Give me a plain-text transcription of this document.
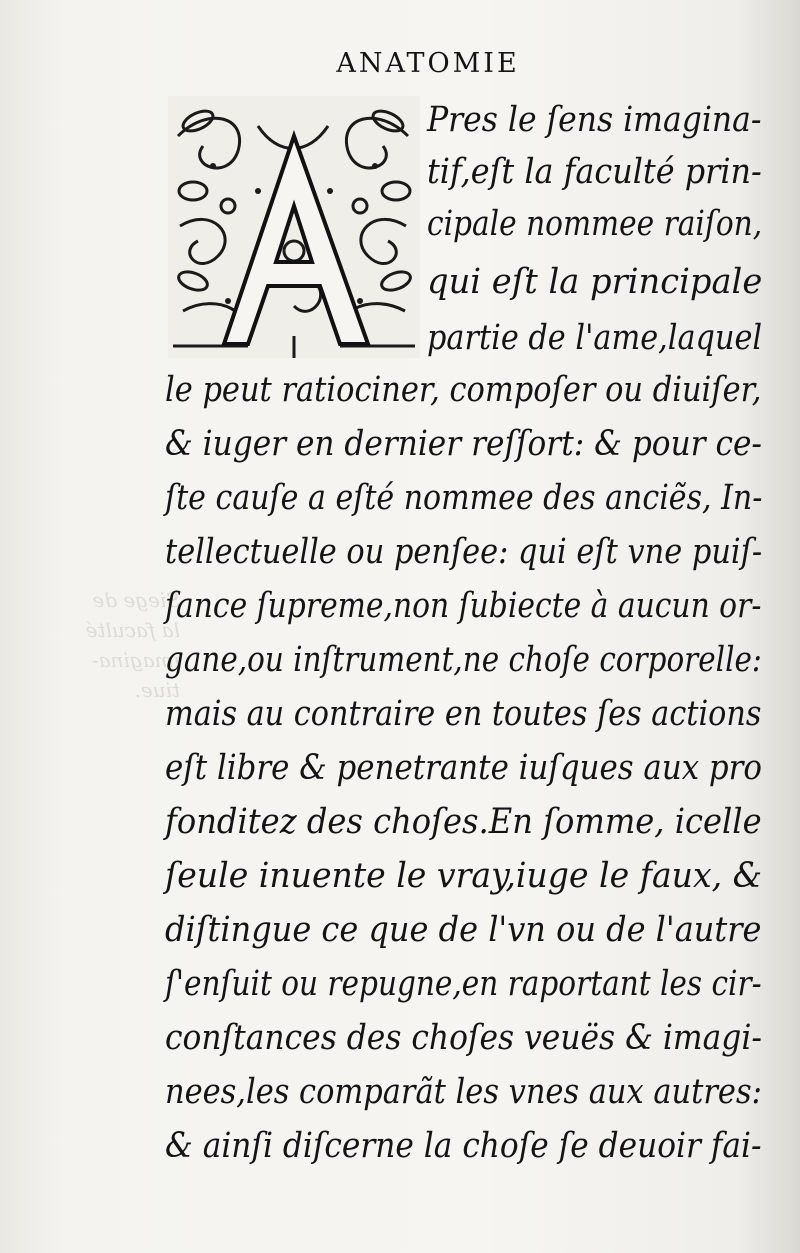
Siege de
la faculté
imagina-
tiue.
ANATOMIE
Pres le ſens imagina-
tif,eſt la faculté prin-
cipale nommee raiſon,
qui eſt la principale
partie de l'ame,laquel
le peut ratiociner, compoſer ou diuiſer,
& iuger en dernier reſſort: & pour ce-
ſte cauſe a eſté nommee des anciẽs, In-
tellectuelle ou penſee: qui eſt vne puiſ-
ſance ſupreme,non ſubiecte à aucun or-
gane,ou inſtrument,ne choſe corporelle:
mais au contraire en toutes ſes actions
eſt libre & penetrante iuſques aux pro
fonditez des choſes.En ſomme, icelle
ſeule inuente le vray,iuge le faux, &
diſtingue ce que de l'vn ou de l'autre
ſ'enſuit ou repugne,en raportant les cir-
conſtances des choſes veuës & imagi-
nees,les comparãt les vnes aux autres:
& ainſi diſcerne la choſe ſe deuoir fai-
